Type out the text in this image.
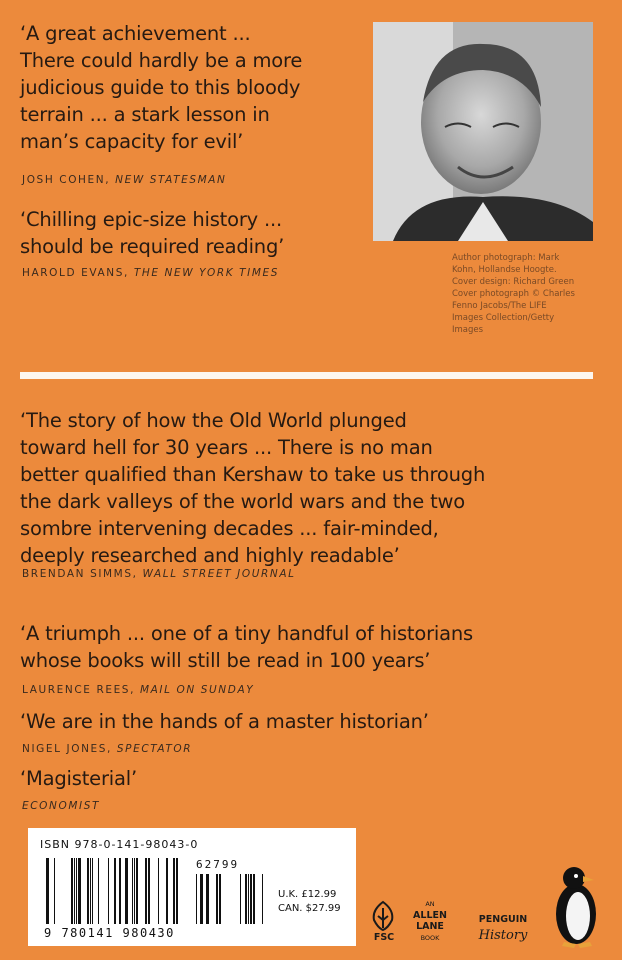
‘A great achievement ...
There could hardly be a more
judicious guide to this bloody
terrain ... a stark lesson in
man’s capacity for evil’
JOSH COHEN, NEW STATESMAN
‘Chilling epic-size history ...
should be required reading’
HAROLD EVANS, THE NEW YORK TIMES
Author photograph: Mark
Kohn, Hollandse Hoogte.
Cover design: Richard Green
Cover photograph © Charles
Fenno Jacobs/The LIFE
Images Collection/Getty
Images
‘The story of how the Old World plunged
toward hell for 30 years ... There is no man
better qualified than Kershaw to take us through
the dark valleys of the world wars and the two
sombre intervening decades ... fair-minded,
deeply researched and highly readable’
BRENDAN SIMMS, WALL STREET JOURNAL
‘A triumph ... one of a tiny handful of historians
whose books will still be read in 100 years’
LAURENCE REES, MAIL ON SUNDAY
‘We are in the hands of a master historian’
NIGEL JONES, SPECTATOR
‘Magisterial’
ECONOMIST
ISBN 978-0-141-98043-0
62799
9 780141 980430
U.K. £12.99
CAN. $27.99
FSC
AN
ALLEN
LANE
BOOK
PENGUIN
History
